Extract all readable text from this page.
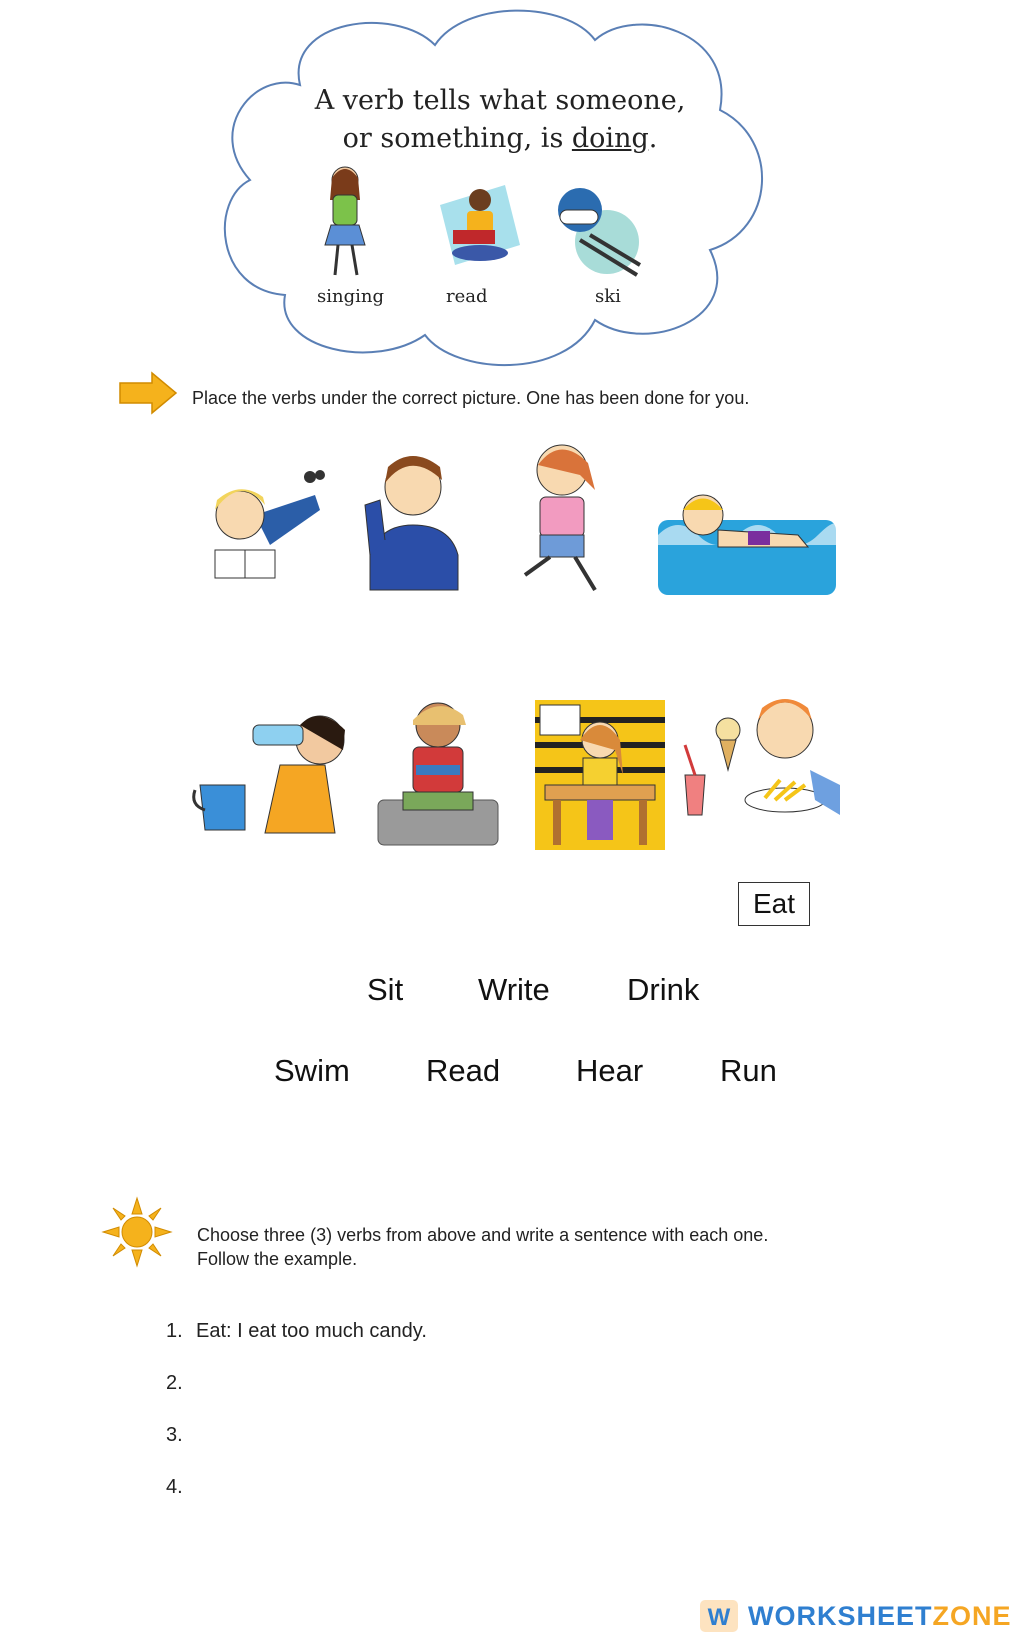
A verb tells what someone,
or something, is doing.
singing	read	ski
Place the verbs under the correct picture. One has been done for you.
Eat
Sit Write Drink
Swim Read Hear Run
Choose three (3) verbs from above and write a sentence with each one.
Follow the example.
1. Eat: I eat too much candy.
2.
3.
4.
W WORKSHEETZONE
